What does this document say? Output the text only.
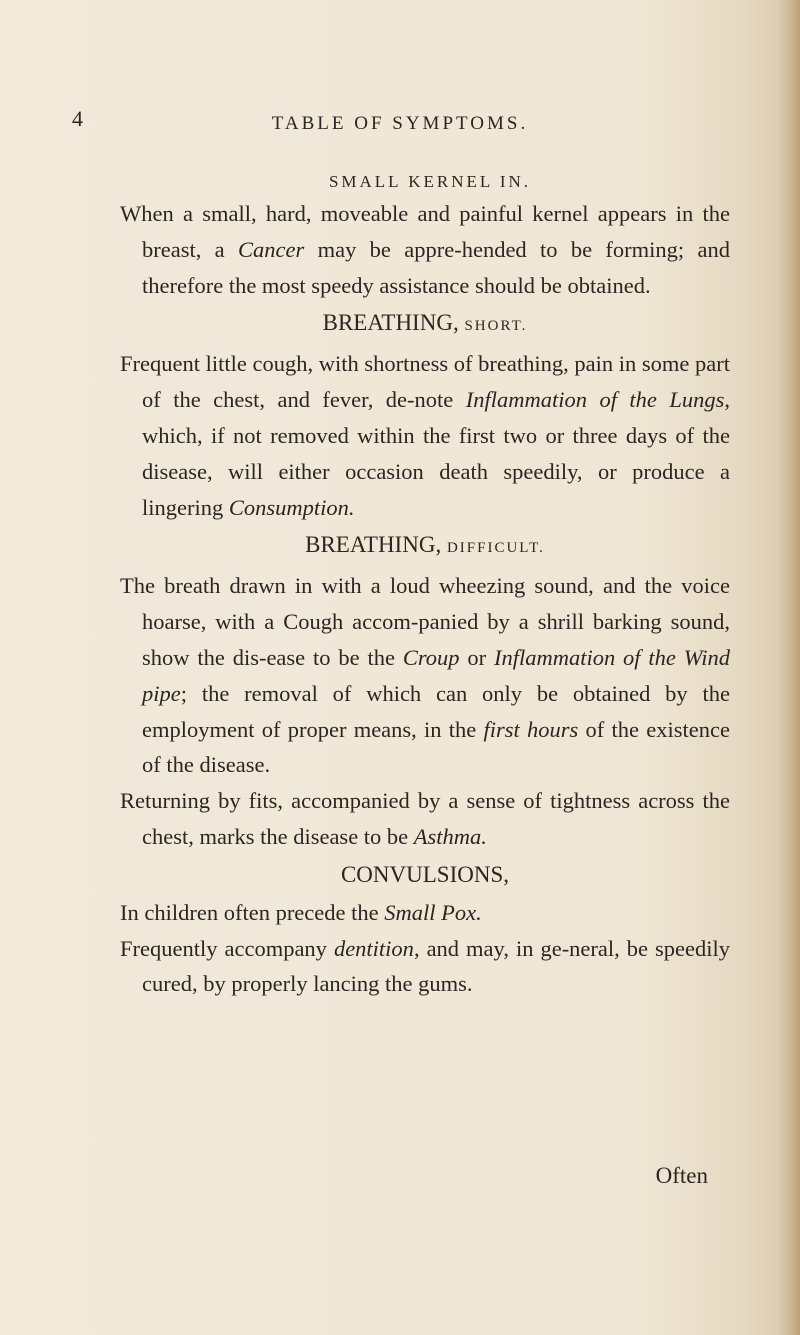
4	TABLE OF SYMPTOMS.

SMALL KERNEL IN.

When a small, hard, moveable and painful kernel appears in the breast, a Cancer may be appre-hended to be forming; and therefore the most speedy assistance should be obtained.

BREATHING, SHORT.

Frequent little cough, with shortness of breathing, pain in some part of the chest, and fever, de-note Inflammation of the Lungs, which, if not removed within the first two or three days of the disease, will either occasion death speedily, or produce a lingering Consumption.

BREATHING, DIFFICULT.

The breath drawn in with a loud wheezing sound, and the voice hoarse, with a Cough accom-panied by a shrill barking sound, show the dis-ease to be the Croup or Inflammation of the Wind pipe; the removal of which can only be obtained by the employment of proper means, in the first hours of the existence of the disease.

Returning by fits, accompanied by a sense of tightness across the chest, marks the disease to be Asthma.

CONVULSIONS,

In children often precede the Small Pox.

Frequently accompany dentition, and may, in ge-neral, be speedily cured, by properly lancing the gums.

Often
